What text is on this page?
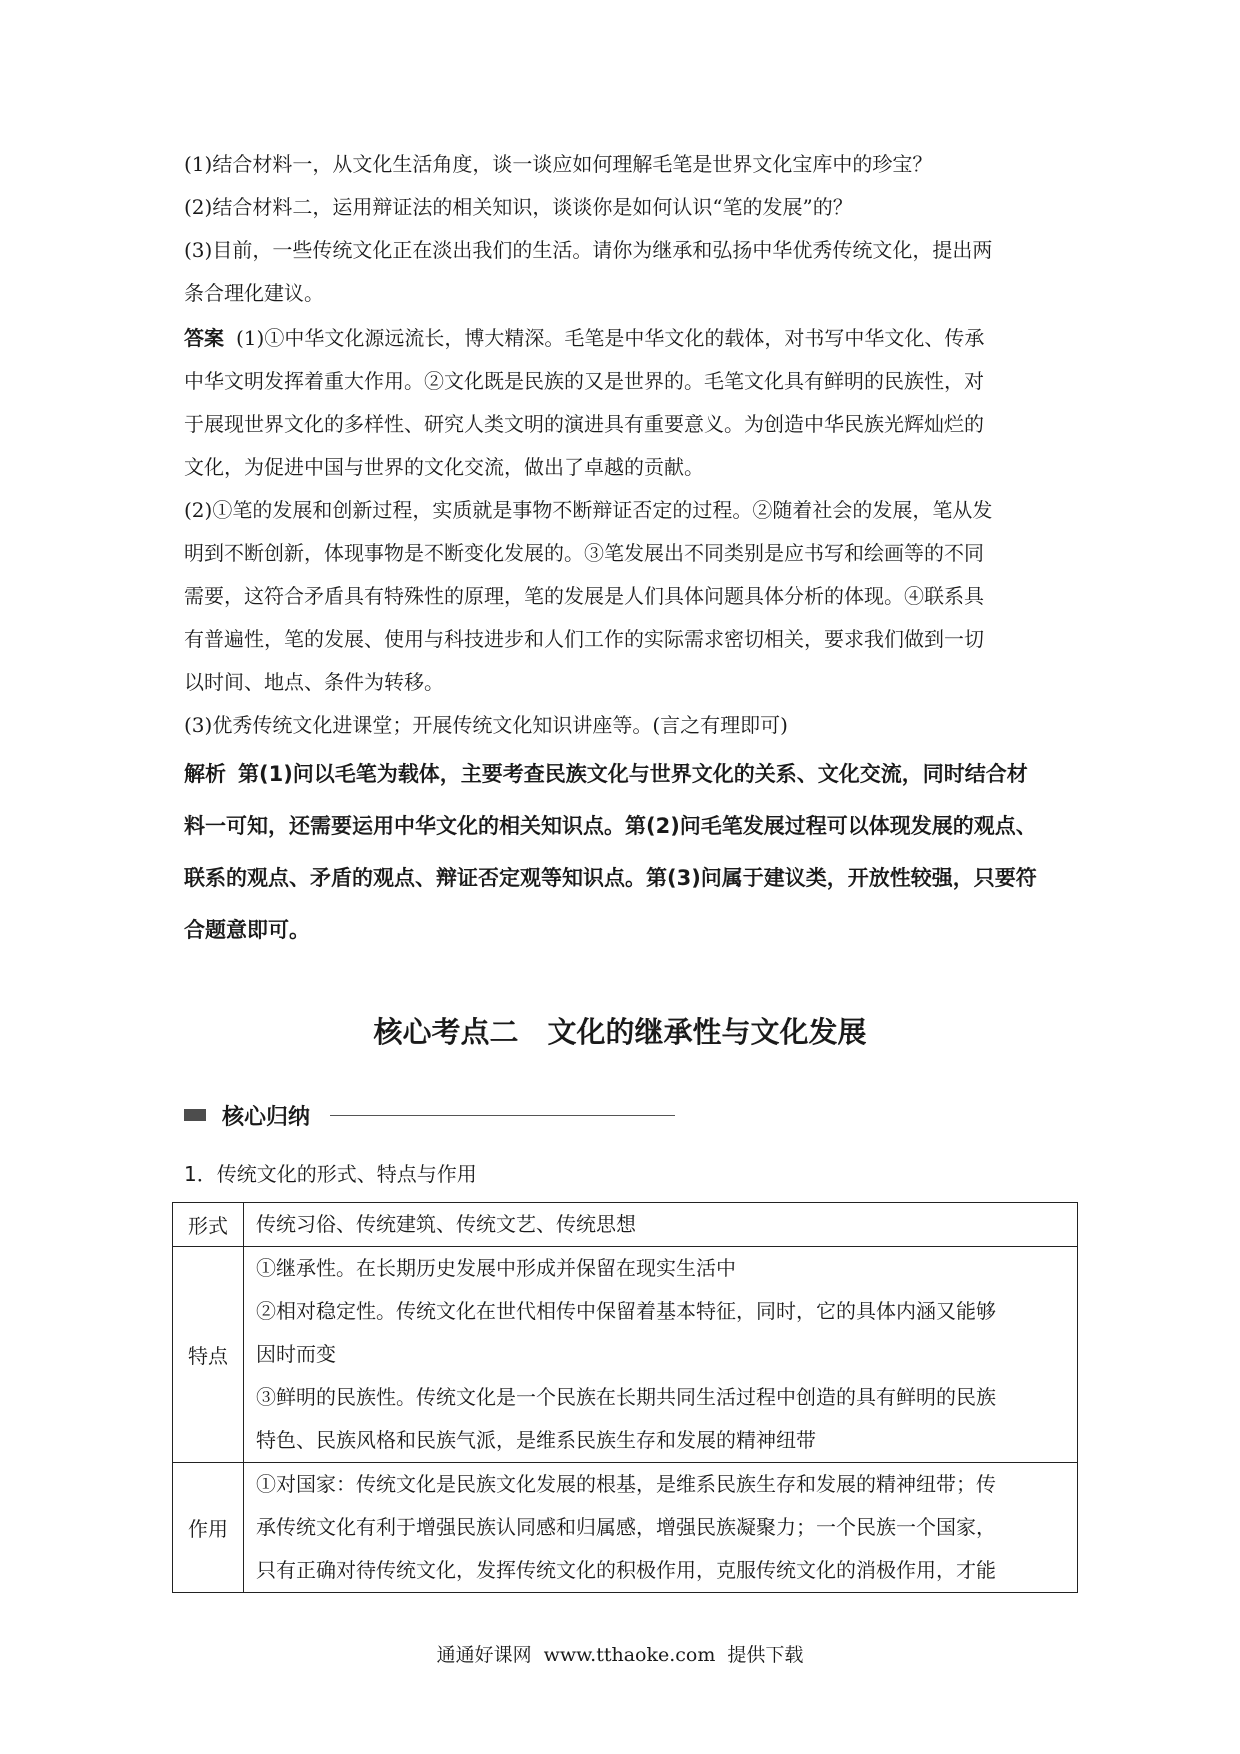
(1)结合材料一，从文化生活角度，谈一谈应如何理解毛笔是世界文化宝库中的珍宝？
(2)结合材料二，运用辩证法的相关知识，谈谈你是如何认识“笔的发展”的？
(3)目前，一些传统文化正在淡出我们的生活。请你为继承和弘扬中华优秀传统文化，提出两
条合理化建议。
答案 (1)①中华文化源远流长，博大精深。毛笔是中华文化的载体，对书写中华文化、传承
中华文明发挥着重大作用。②文化既是民族的又是世界的。毛笔文化具有鲜明的民族性，对
于展现世界文化的多样性、研究人类文明的演进具有重要意义。为创造中华民族光辉灿烂的
文化，为促进中国与世界的文化交流，做出了卓越的贡献。
(2)①笔的发展和创新过程，实质就是事物不断辩证否定的过程。②随着社会的发展，笔从发
明到不断创新，体现事物是不断变化发展的。③笔发展出不同类别是应书写和绘画等的不同
需要，这符合矛盾具有特殊性的原理，笔的发展是人们具体问题具体分析的体现。④联系具
有普遍性，笔的发展、使用与科技进步和人们工作的实际需求密切相关，要求我们做到一切
以时间、地点、条件为转移。
(3)优秀传统文化进课堂；开展传统文化知识讲座等。(言之有理即可)
解析 第(1)问以毛笔为载体，主要考查民族文化与世界文化的关系、文化交流，同时结合材
料一可知，还需要运用中华文化的相关知识点。第(2)问毛笔发展过程可以体现发展的观点、
联系的观点、矛盾的观点、辩证否定观等知识点。第(3)问属于建议类，开放性较强，只要符
合题意即可。
核心考点二　文化的继承性与文化发展
核心归纳
1．传统文化的形式、特点与作用
形式	传统习俗、传统建筑、传统文艺、传统思想

特点	①继承性。在长期历史发展中形成并保留在现实生活中
②相对稳定性。传统文化在世代相传中保留着基本特征，同时，它的具体内涵又能够
因时而变
③鲜明的民族性。传统文化是一个民族在长期共同生活过程中创造的具有鲜明的民族
特色、民族风格和民族气派，是维系民族生存和发展的精神纽带

作用	①对国家：传统文化是民族文化发展的根基，是维系民族生存和发展的精神纽带；传
承传统文化有利于增强民族认同感和归属感，增强民族凝聚力；一个民族一个国家，
只有正确对待传统文化，发挥传统文化的积极作用，克服传统文化的消极作用，才能
通通好课网 www.tthaoke.com 提供下载
